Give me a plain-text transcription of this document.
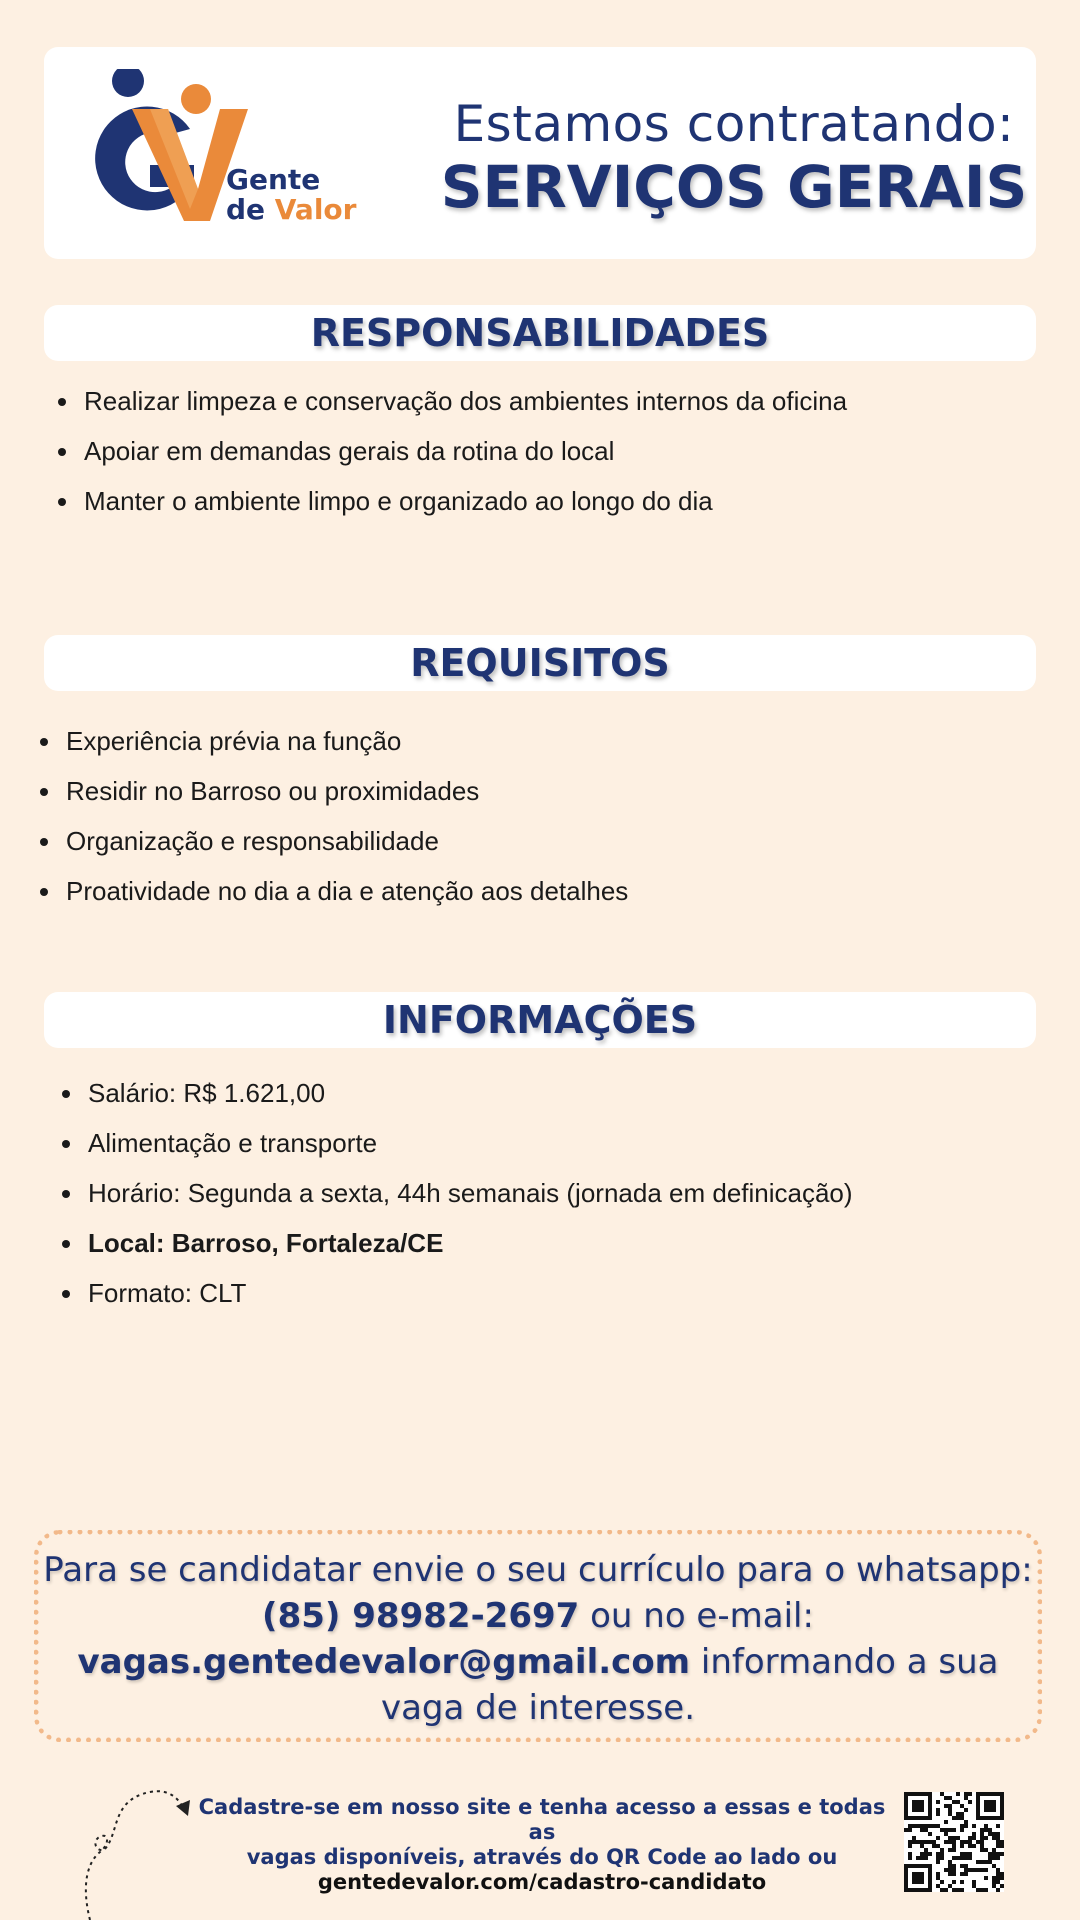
Gente
de Valor
Estamos contratando:
SERVIÇOS GERAIS
RESPONSABILIDADES
Realizar limpeza e conservação dos ambientes internos da oficina
Apoiar em demandas gerais da rotina do local
Manter o ambiente limpo e organizado ao longo do dia
REQUISITOS
Experiência prévia na função
Residir no Barroso ou proximidades
Organização e responsabilidade
Proatividade no dia a dia e atenção aos detalhes
INFORMAÇÕES
Salário: R$ 1.621,00
Alimentação e transporte
Horário: Segunda a sexta, 44h semanais (jornada em definicação)
Local: Barroso, Fortaleza/CE
Formato: CLT
Para se candidatar envie o seu currículo para o whatsapp:
(85) 98982-2697 ou no e-mail:
vagas.gentedevalor@gmail.com informando a sua vaga de interesse.
Cadastre-se em nosso site e tenha acesso a essas e todas as
vagas disponíveis, através do QR Code ao lado ou
gentedevalor.com/cadastro-candidato
